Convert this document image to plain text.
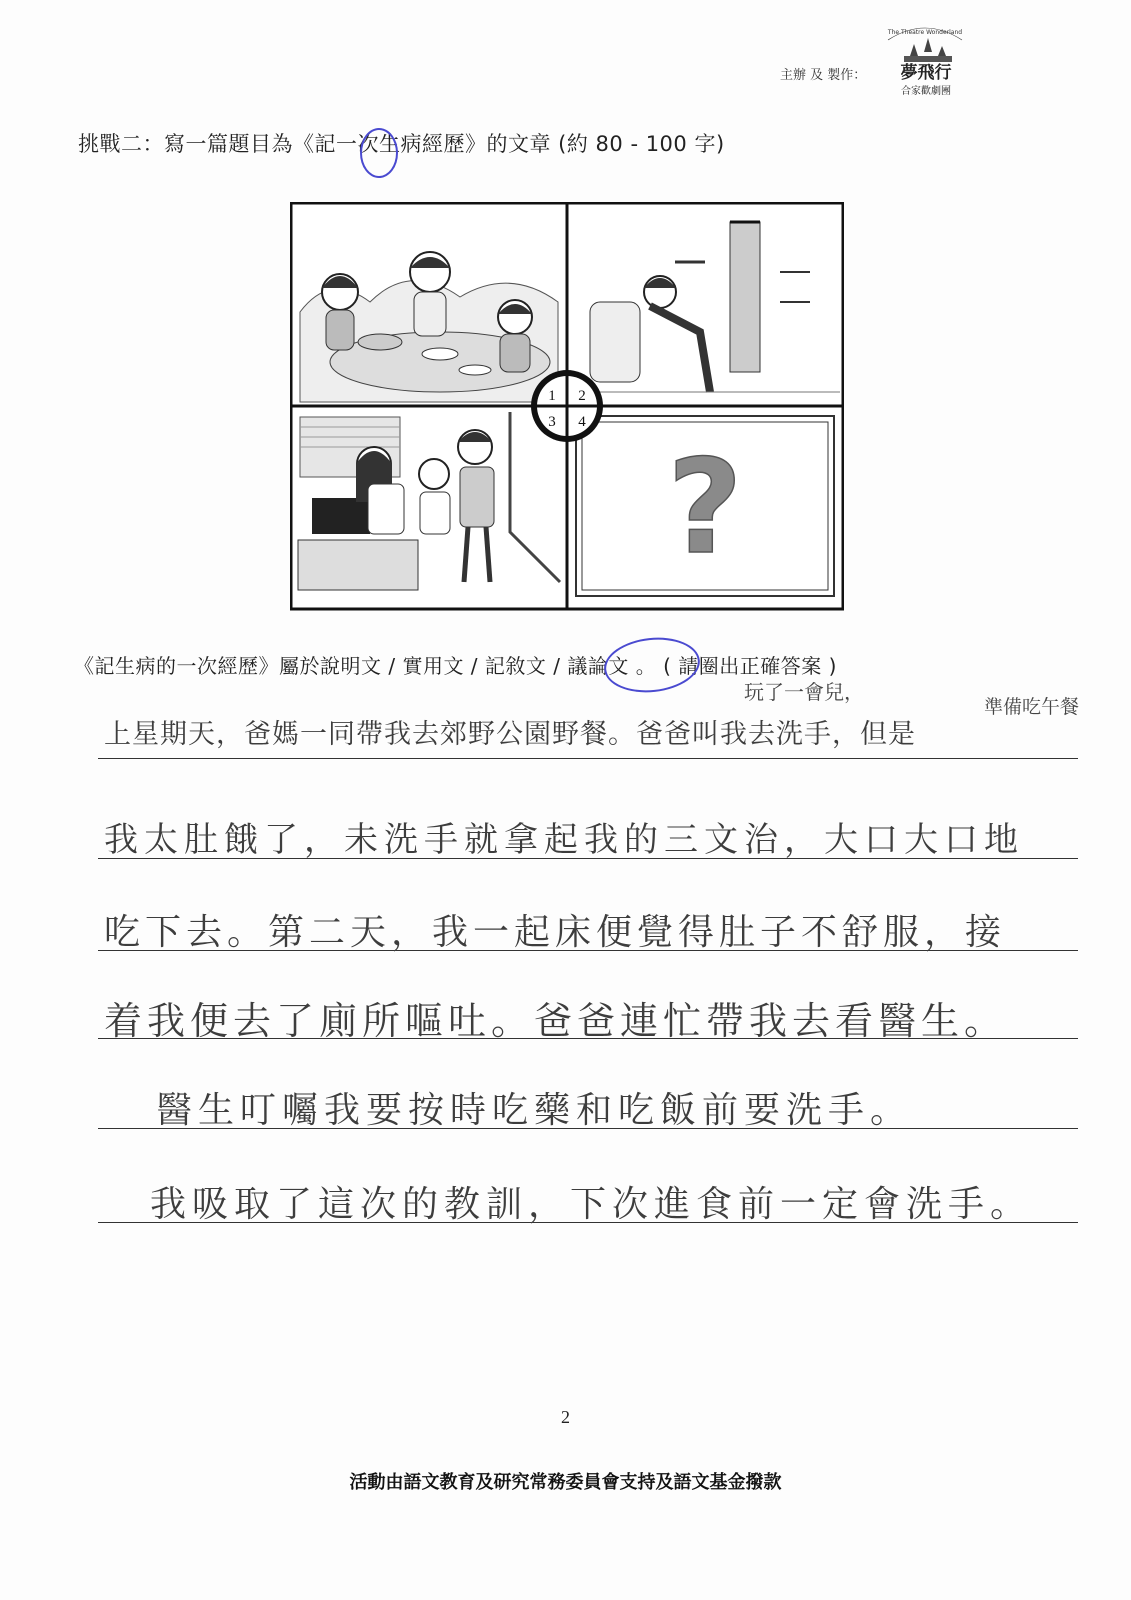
主辦 及 製作：
The Theatre Wonderland
夢飛行
合家歡劇團
挑戰二：寫一篇題目為《記一次生病經歷》的文章 (約 80 - 100 字)
?
1 2
3 4
《記生病的一次經歷》屬於說明文 / 實用文 / 記敘文 / 議論文 。 ( 請圈出正確答案 )
玩了一會兒，
準備吃午餐
上星期天，爸媽一同帶我去郊野公園野餐。爸爸叫我去洗手，但是
我太肚餓了，未洗手就拿起我的三文治，大口大口地
吃下去。第二天，我一起床便覺得肚子不舒服，接
着我便去了廁所嘔吐。爸爸連忙帶我去看醫生。
醫生叮囑我要按時吃藥和吃飯前要洗手。
我吸取了這次的教訓，下次進食前一定會洗手。
2
活動由語文教育及研究常務委員會支持及語文基金撥款
